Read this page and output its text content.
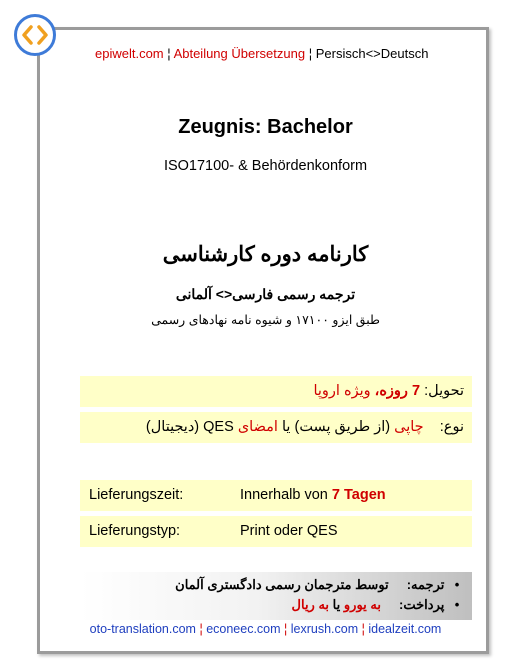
epiwelt.com ¦ Abteilung Übersetzung ¦ Persisch<>Deutsch
Zeugnis: Bachelor
ISO17100- & Behördenkonform
کارنامه دوره کارشناسی
ترجمه رسمی فارسی<> آلمانی
طبق ایزو ۱۷۱۰۰ و شیوه نامه نهادهای رسمی
تحویل: 7 روزه، ویژه اروپا
نوع:    چاپی (از طریق پست) یا امضای QES (دیجیتال)
Lieferungszeit:	Innerhalb von 7 Tagen
Lieferungstyp:	Print oder QES
• ترجمه:     توسط مترجمان رسمی دادگستری آلمان
• پرداخت:     به یورو یا به ریال
oto-translation.com ¦ econeec.com ¦ lexrush.com ¦ idealzeit.com
